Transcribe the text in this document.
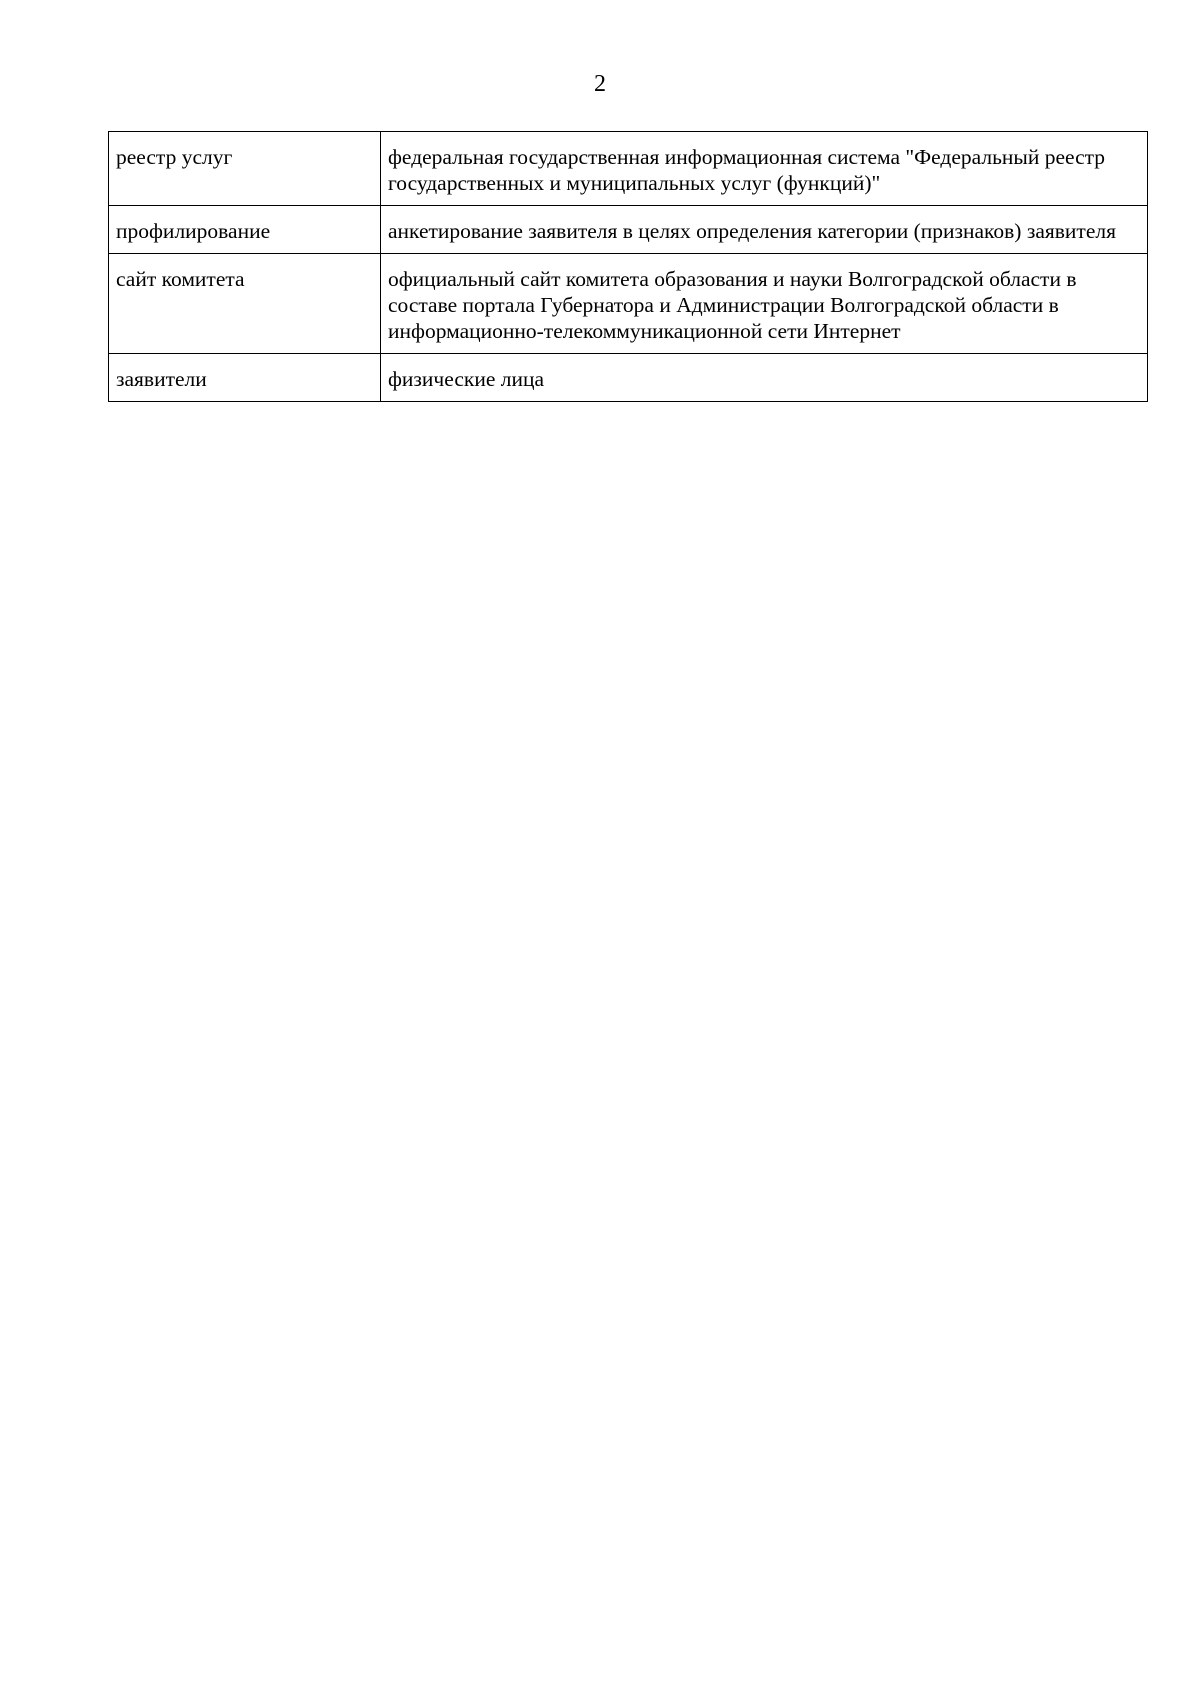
2
реестр услуг	федеральная государственная информационная система "Федеральный реестр государственных и муниципальных услуг (функций)"
профилирование	анкетирование заявителя в целях определения категории (признаков) заявителя
сайт комитета	официальный сайт комитета образования и науки Волгоградской области в составе портала Губернатора и Администрации Волгоградской области в информационно-телекоммуникационной сети Интернет
заявители	физические лица
